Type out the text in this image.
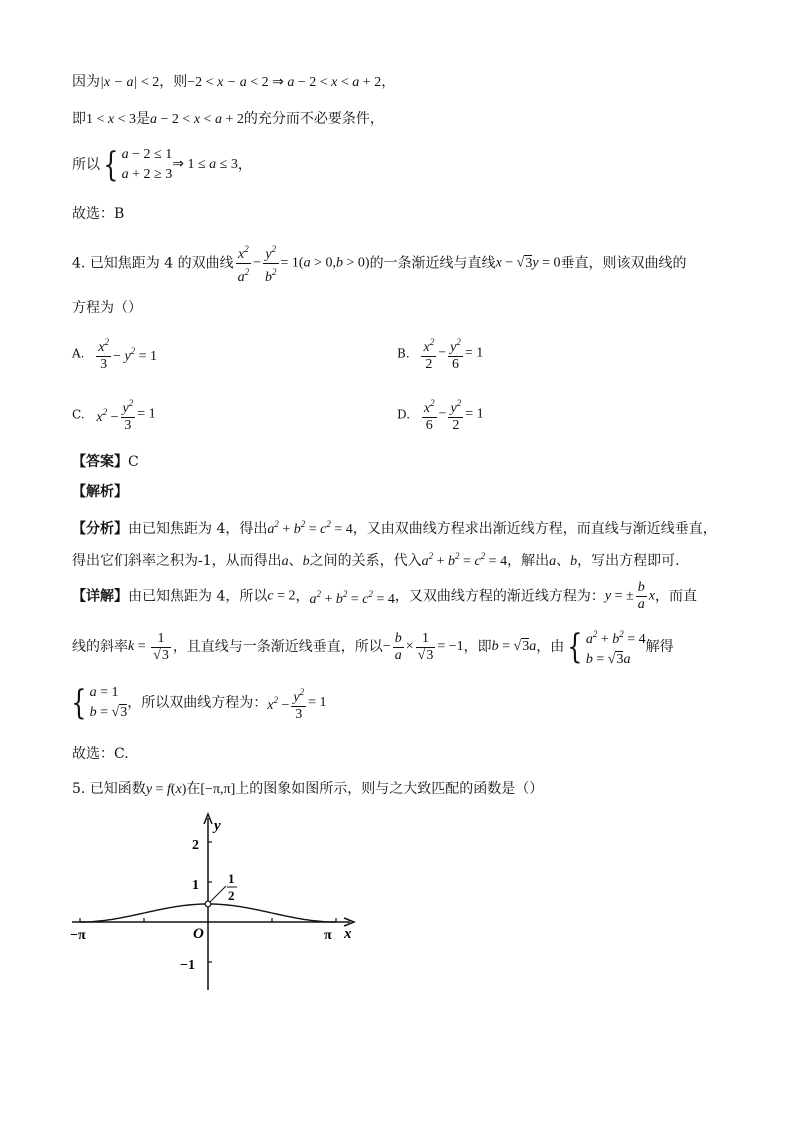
因为|x − a| < 2，则−2 < x − a < 2 ⇒ a − 2 < x < a + 2，
即1 < x < 3是a − 2 < x < a + 2的充分而不必要条件，
所以{ a − 2 ≤ 1
a + 2 ≥ 3
⇒ 1 ≤ a ≤ 3，
故选：B
4. 已知焦距为 4 的双曲线 $\frac{x^2}{a^2} - \frac{y^2}{b^2} = 1(a > 0,b > 0)$的一条渐近线与直线x − √3y = 0垂直，则该双曲线的
方程为（）
A. $\frac{x^2}{3} - y^2 = 1$	B. $\frac{x^2}{2} - \frac{y^2}{6} = 1$
C. $x^2 - \frac{y^2}{3} = 1$	D. $\frac{x^2}{6} - \frac{y^2}{2} = 1$
【答案】C
【解析】
【分析】由已知焦距为 4，得出$a^2 + b^2 = c^2 = 4$，又由双曲线方程求出渐近线方程，而直线与渐近线垂直，
得出它们斜率之积为-1，从而得出a、b之间的关系，代入$a^2 + b^2 = c^2 = 4$，解出a、b，写出方程即可.
【详解】由已知焦距为 4，所以c = 2，$a^2 + b^2 = c^2 = 4$，又双曲线方程的渐近线方程为：y = ± $\frac{b}{a}$ x，而直
线的斜率$k = \frac{1}{√3}$ ，且直线与一条渐近线垂直，所以− $\frac{b}{a} \times \frac{1}{√3} = -1$，即b = √3a，由{ $a^2 + b^2 = 4$
b = √3a
解得
{ a = 1
b = √3
，所以双曲线方程为：$x^2 - \frac{y^2}{3} = 1$
故选：C.
5. 已知函数y = f(x)在[−π,π]上的图象如图所示，则与之大致匹配的函数是（）
y
x
O
2
1
−1
−π	π
1
2
